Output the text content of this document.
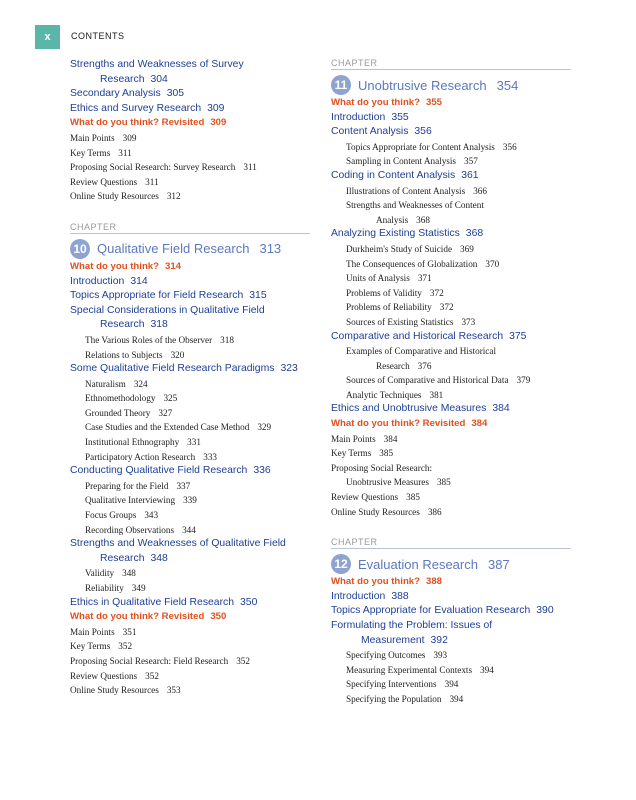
x	CONTENTS
Strengths and Weaknesses of Survey
Research 304
Secondary Analysis 305
Ethics and Survey Research 309
What do you think? Revisited 309
Main Points 309
Key Terms 311
Proposing Social Research: Survey Research 311
Review Questions 311
Online Study Resources 312
CHAPTER
10 Qualitative Field Research 313
What do you think? 314
Introduction 314
Topics Appropriate for Field Research 315
Special Considerations in Qualitative Field
Research 318
The Various Roles of the Observer 318
Relations to Subjects 320
Some Qualitative Field Research Paradigms 323
Naturalism 324
Ethnomethodology 325
Grounded Theory 327
Case Studies and the Extended Case Method 329
Institutional Ethnography 331
Participatory Action Research 333
Conducting Qualitative Field Research 336
Preparing for the Field 337
Qualitative Interviewing 339
Focus Groups 343
Recording Observations 344
Strengths and Weaknesses of Qualitative Field
Research 348
Validity 348
Reliability 349
Ethics in Qualitative Field Research 350
What do you think? Revisited 350
Main Points 351
Key Terms 352
Proposing Social Research: Field Research 352
Review Questions 352
Online Study Resources 353
CHAPTER
11 Unobtrusive Research 354
What do you think? 355
Introduction 355
Content Analysis 356
Topics Appropriate for Content Analysis 356
Sampling in Content Analysis 357
Coding in Content Analysis 361
Illustrations of Content Analysis 366
Strengths and Weaknesses of Content
Analysis 368
Analyzing Existing Statistics 368
Durkheim's Study of Suicide 369
The Consequences of Globalization 370
Units of Analysis 371
Problems of Validity 372
Problems of Reliability 372
Sources of Existing Statistics 373
Comparative and Historical Research 375
Examples of Comparative and Historical
Research 376
Sources of Comparative and Historical Data 379
Analytic Techniques 381
Ethics and Unobtrusive Measures 384
What do you think? Revisited 384
Main Points 384
Key Terms 385
Proposing Social Research:
Unobtrusive Measures 385
Review Questions 385
Online Study Resources 386
CHAPTER
12 Evaluation Research 387
What do you think? 388
Introduction 388
Topics Appropriate for Evaluation Research 390
Formulating the Problem: Issues of
Measurement 392
Specifying Outcomes 393
Measuring Experimental Contexts 394
Specifying Interventions 394
Specifying the Population 394
